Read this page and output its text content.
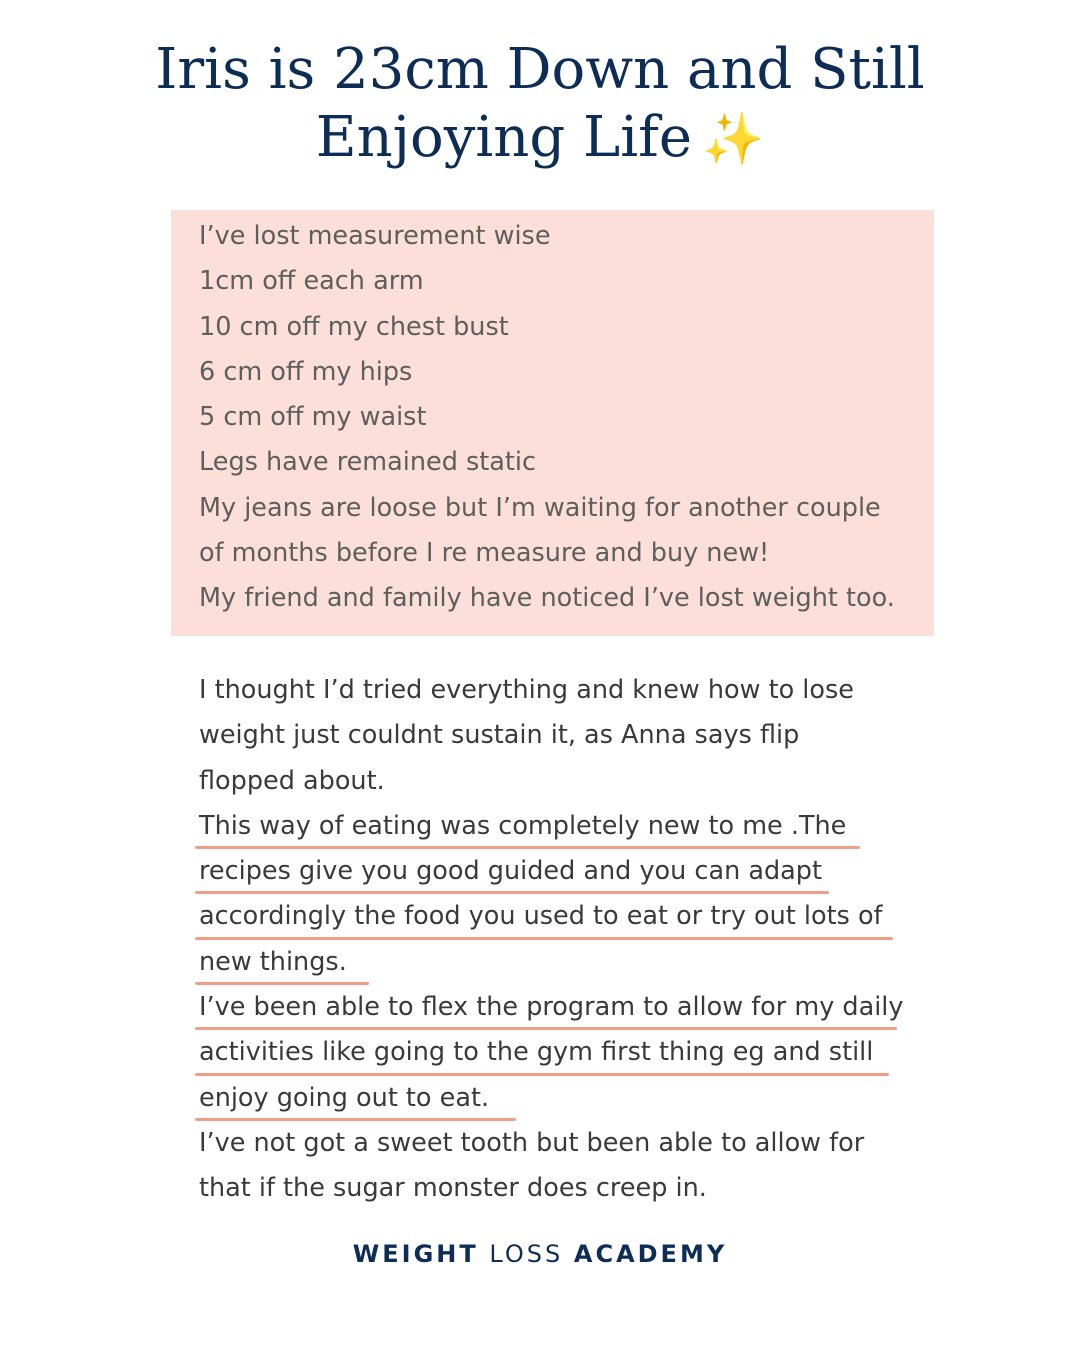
Iris is 23cm Down and Still
Enjoying Life ✨
I’ve lost measurement wise
1cm off each arm
10 cm off my chest bust
6 cm off my hips
5 cm off my waist
Legs have remained static
My jeans are loose but I’m waiting for another couple
of months before I re measure and buy new!
My friend and family have noticed I’ve lost weight too.
I thought I’d tried everything and knew how to lose
weight just couldnt sustain it, as Anna says flip
flopped about.
This way of eating was completely new to me .The
recipes give you good guided and you can adapt
accordingly the food you used to eat or try out lots of
new things.
I’ve been able to flex the program to allow for my daily
activities like going to the gym first thing eg and still
enjoy going out to eat.
I’ve not got a sweet tooth but been able to allow for
that if the sugar monster does creep in.
WEIGHT LOSS ACADEMY
